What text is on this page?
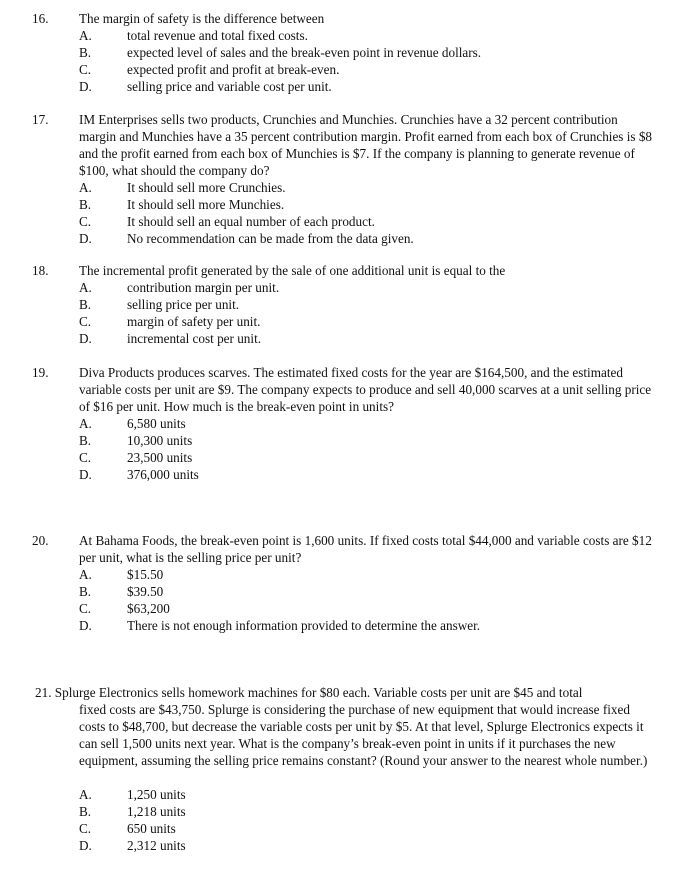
16. The margin of safety is the difference between
A.	total revenue and total fixed costs.
B.	expected level of sales and the break-even point in revenue dollars.
C.	expected profit and profit at break-even.
D.	selling price and variable cost per unit.
17. IM Enterprises sells two products, Crunchies and Munchies. Crunchies have a 32 percent contribution margin and Munchies have a 35 percent contribution margin. Profit earned from each box of Crunchies is $8 and the profit earned from each box of Munchies is $7. If the company is planning to generate revenue of $100, what should the company do?
A.	It should sell more Crunchies.
B.	It should sell more Munchies.
C.	It should sell an equal number of each product.
D.	No recommendation can be made from the data given.
18. The incremental profit generated by the sale of one additional unit is equal to the
A.	contribution margin per unit.
B.	selling price per unit.
C.	margin of safety per unit.
D.	incremental cost per unit.
19. Diva Products produces scarves. The estimated fixed costs for the year are $164,500, and the estimated variable costs per unit are $9. The company expects to produce and sell 40,000 scarves at a unit selling price of $16 per unit. How much is the break-even point in units?
A.	6,580 units
B.	10,300 units
C.	23,500 units
D.	376,000 units
20. At Bahama Foods, the break-even point is 1,600 units. If fixed costs total $44,000 and variable costs are $12 per unit, what is the selling price per unit?
A.	$15.50
B.	$39.50
C.	$63,200
D.	There is not enough information provided to determine the answer.
21. Splurge Electronics sells homework machines for $80 each. Variable costs per unit are $45 and total
fixed costs are $43,750. Splurge is considering the purchase of new equipment that would increase fixed costs to $48,700, but decrease the variable costs per unit by $5. At that level, Splurge Electronics expects it can sell 1,500 units next year. What is the company’s break-even point in units if it purchases the new equipment, assuming the selling price remains constant? (Round your answer to the nearest whole number.)
A.	1,250 units
B.	1,218 units
C.	650 units
D.	2,312 units
